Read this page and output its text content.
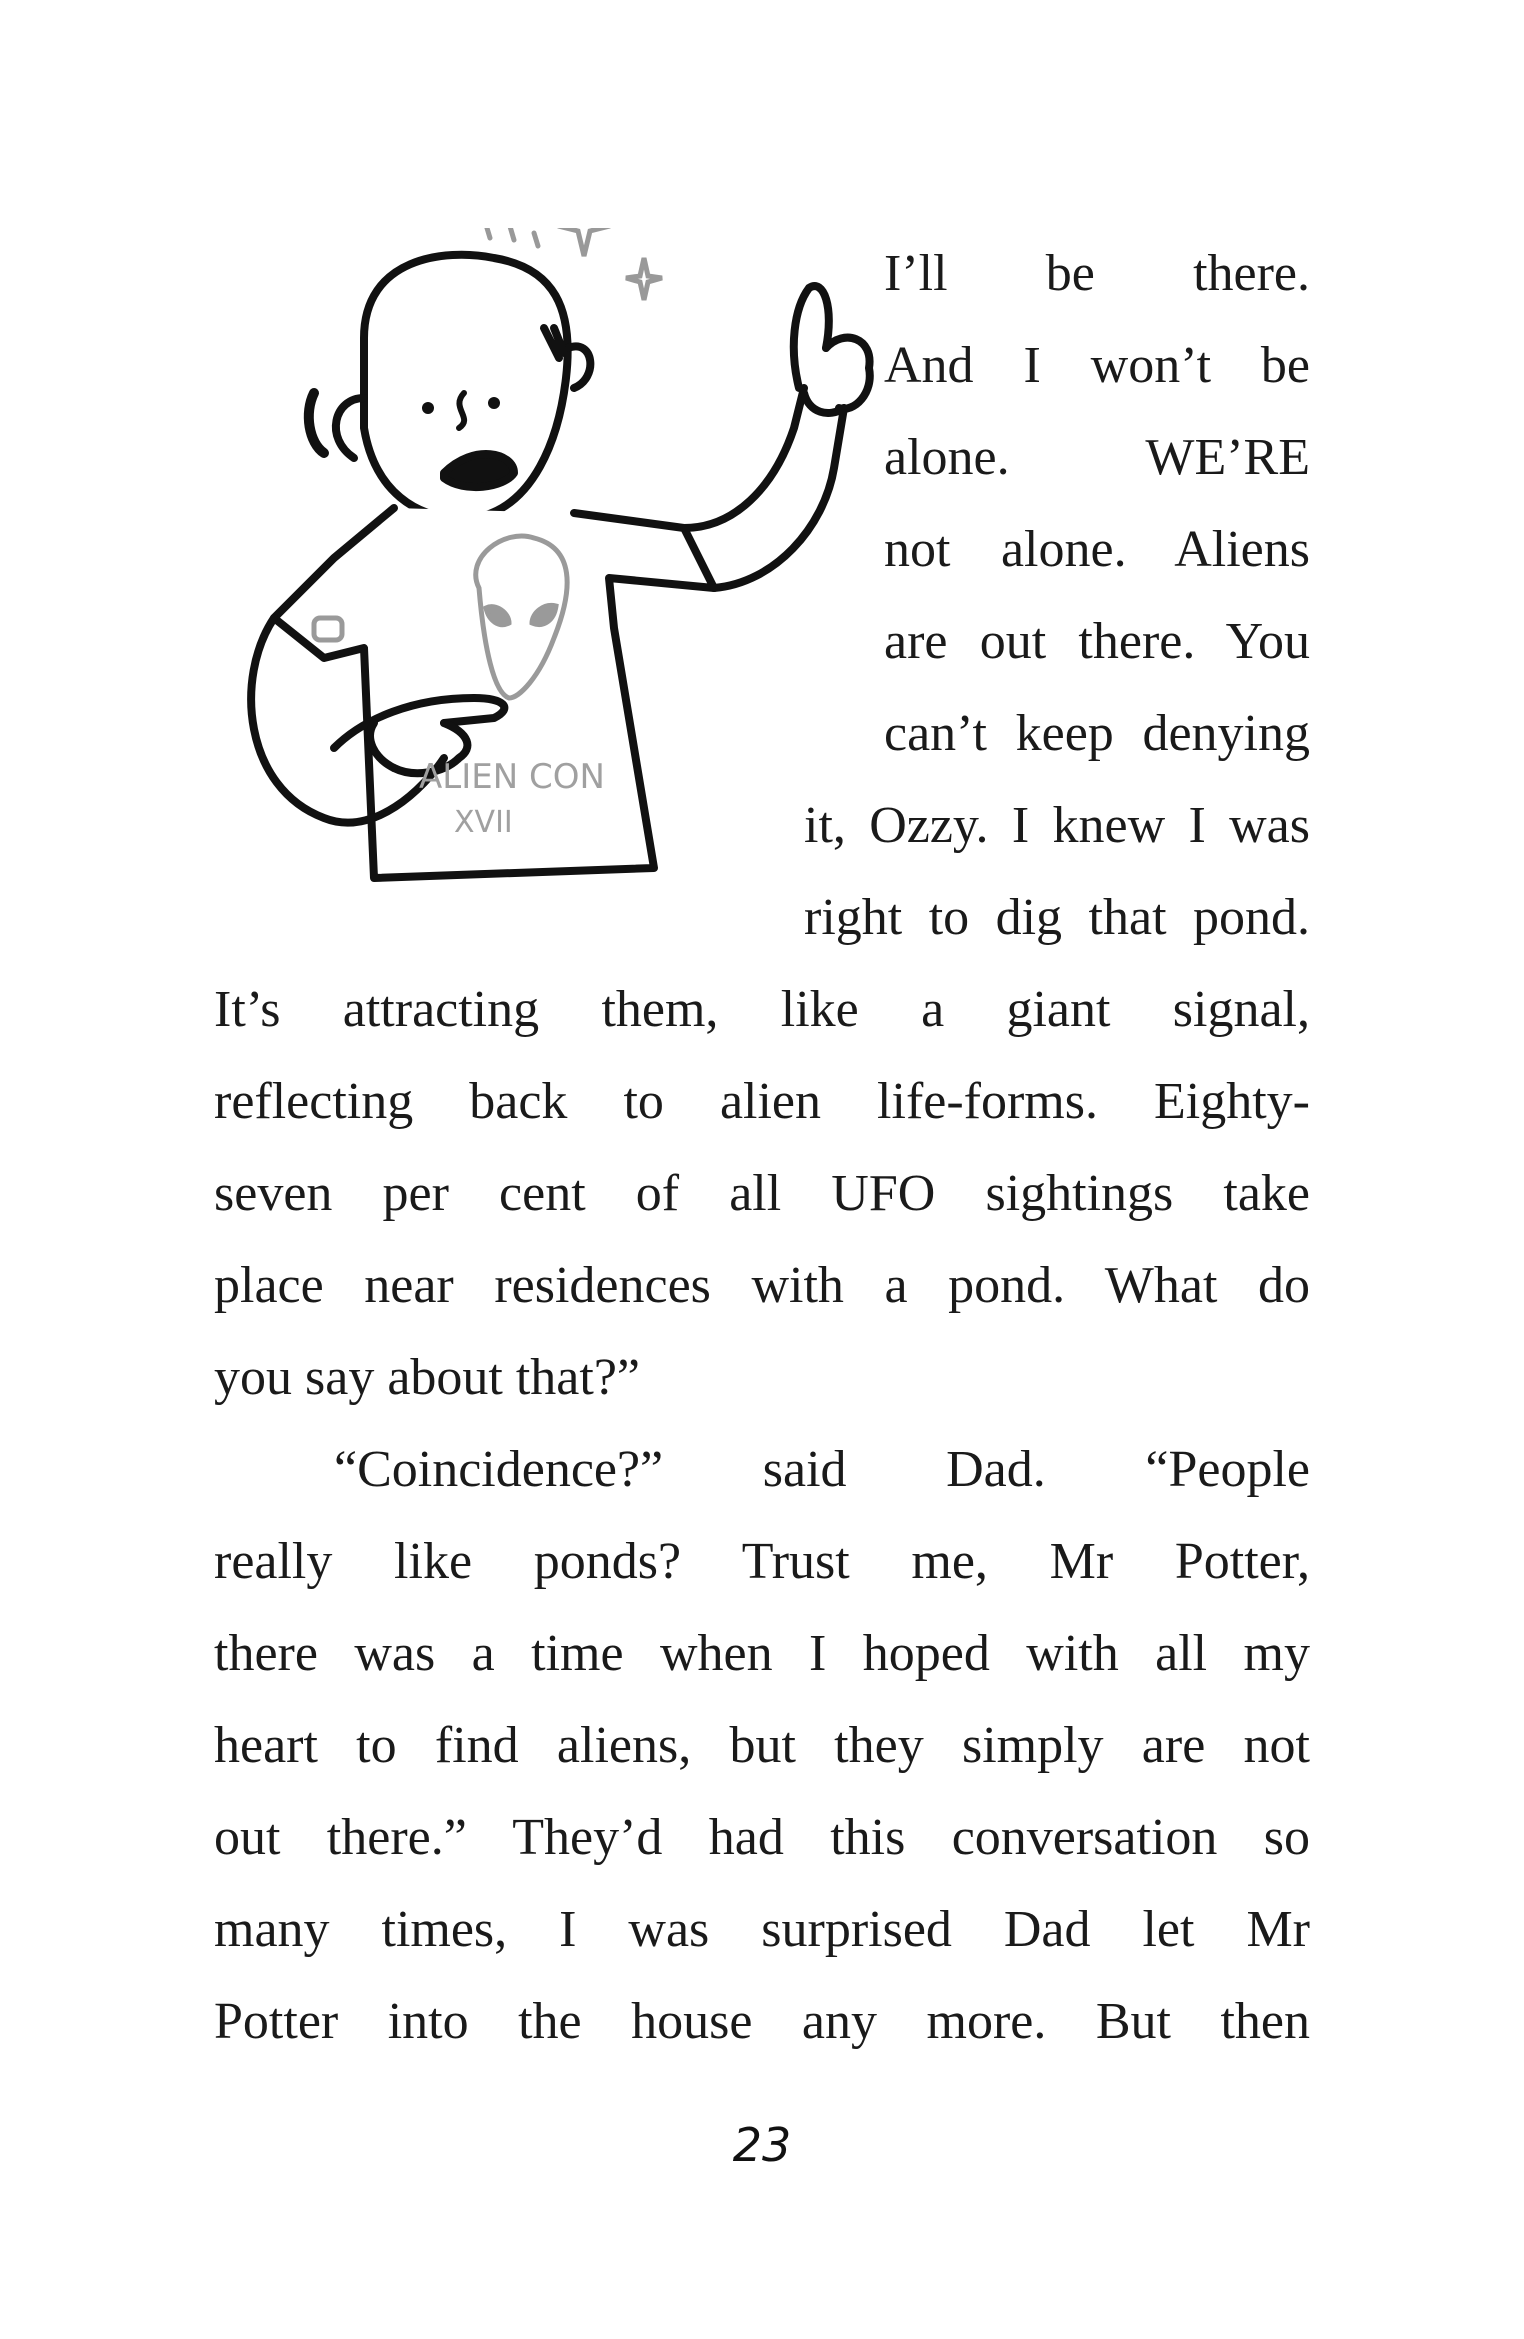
ALIEN CON
XVII
I’ll be there.
And I won’t be
alone. WE’RE
not alone. Aliens
are out there. You
can’t keep denying
it, Ozzy. I knew I was
right to dig that pond.
It’s attracting them, like a giant signal,
reflecting back to alien life-forms. Eighty-
seven per cent of all UFO sightings take
place near residences with a pond. What do
you say about that?”
“Coincidence?” said Dad. “People
really like ponds? Trust me, Mr Potter,
there was a time when I hoped with all my
heart to find aliens, but they simply are not
out there.” They’d had this conversation so
many times, I was surprised Dad let Mr
Potter into the house any more. But then
23
